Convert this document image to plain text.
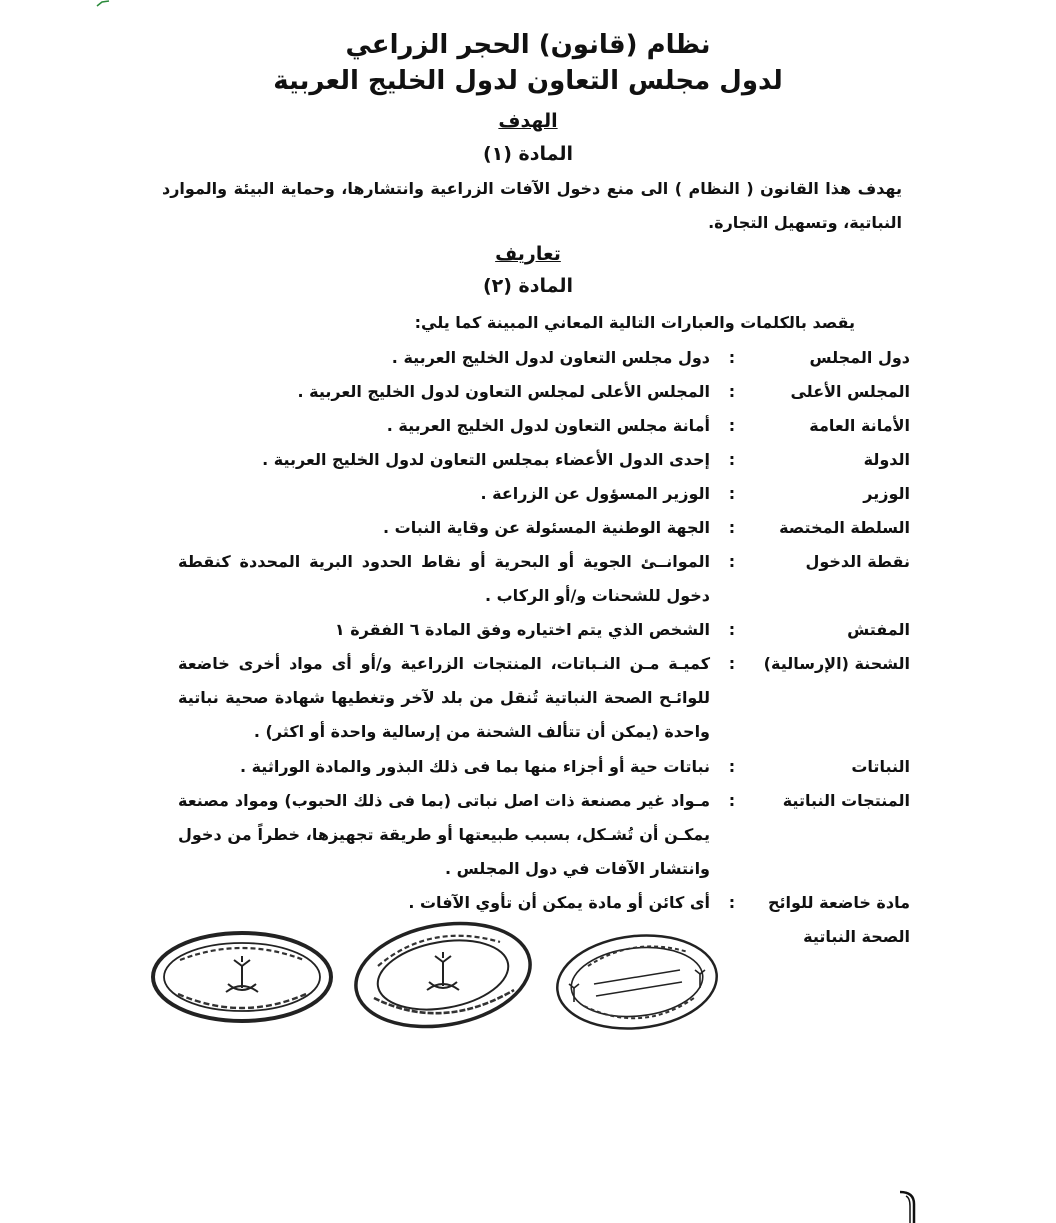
نظام (قانون) الحجر الزراعي
لدول مجلس التعاون لدول الخليج العربية
الهدف
المادة (١)
يهدف هذا القانون ( النظام ) الى منع دخول الآفات الزراعية وانتشارها، وحماية البيئة والموارد النباتية، وتسهيل التجارة.
تعاريف
المادة (٢)
يقصد بالكلمات والعبارات التالية المعاني المبينة كما يلي:
دول المجلس
:
دول مجلس التعاون لدول الخليج العربية .
المجلس الأعلى
:
المجلس الأعلى لمجلس التعاون لدول الخليج العربية .
الأمانة العامة
:
أمانة مجلس التعاون لدول الخليج العربية .
الدولة
:
إحدى الدول الأعضاء بمجلس التعاون لدول الخليج العربية .
الوزير
:
الوزير المسؤول عن الزراعة .
السلطة المختصة
:
الجهة الوطنية المسئولة عن وقاية النبات .
نقطة الدخول
:
الموانــئ الجوية أو البحرية أو نقاط الحدود البرية المحددة كنقطة دخول للشحنات و/أو الركاب .
المفتش
:
الشخص الذي يتم اختياره وفق المادة ٦ الفقرة ١
الشحنة (الإرسالية)
:
كميـة مـن النـباتات، المنتجات الزراعية و/أو أى مواد أخرى خاضعة للوائـح الصحة النباتية تُنقل من بلد لآخر وتغطيها شهادة صحية نباتية واحدة (يمكن أن تتألف الشحنة من إرسالية واحدة أو اكثر) .
النباتات
:
نباتات حية أو أجزاء منها بما فى ذلك البذور والمادة الوراثية .
المنتجات النباتية
:
مـواد غير مصنعة ذات اصل نباتى (بما فى ذلك الحبوب) ومواد مصنعة يمكـن أن تُشـكل، بسبب طبيعتها أو طريقة تجهيزها، خطراً من دخول وانتشار الآفات في دول المجلس .
مادة خاضعة للوائح الصحة النباتية
:
أى كائن أو مادة يمكن أن تأوي الآفات .
